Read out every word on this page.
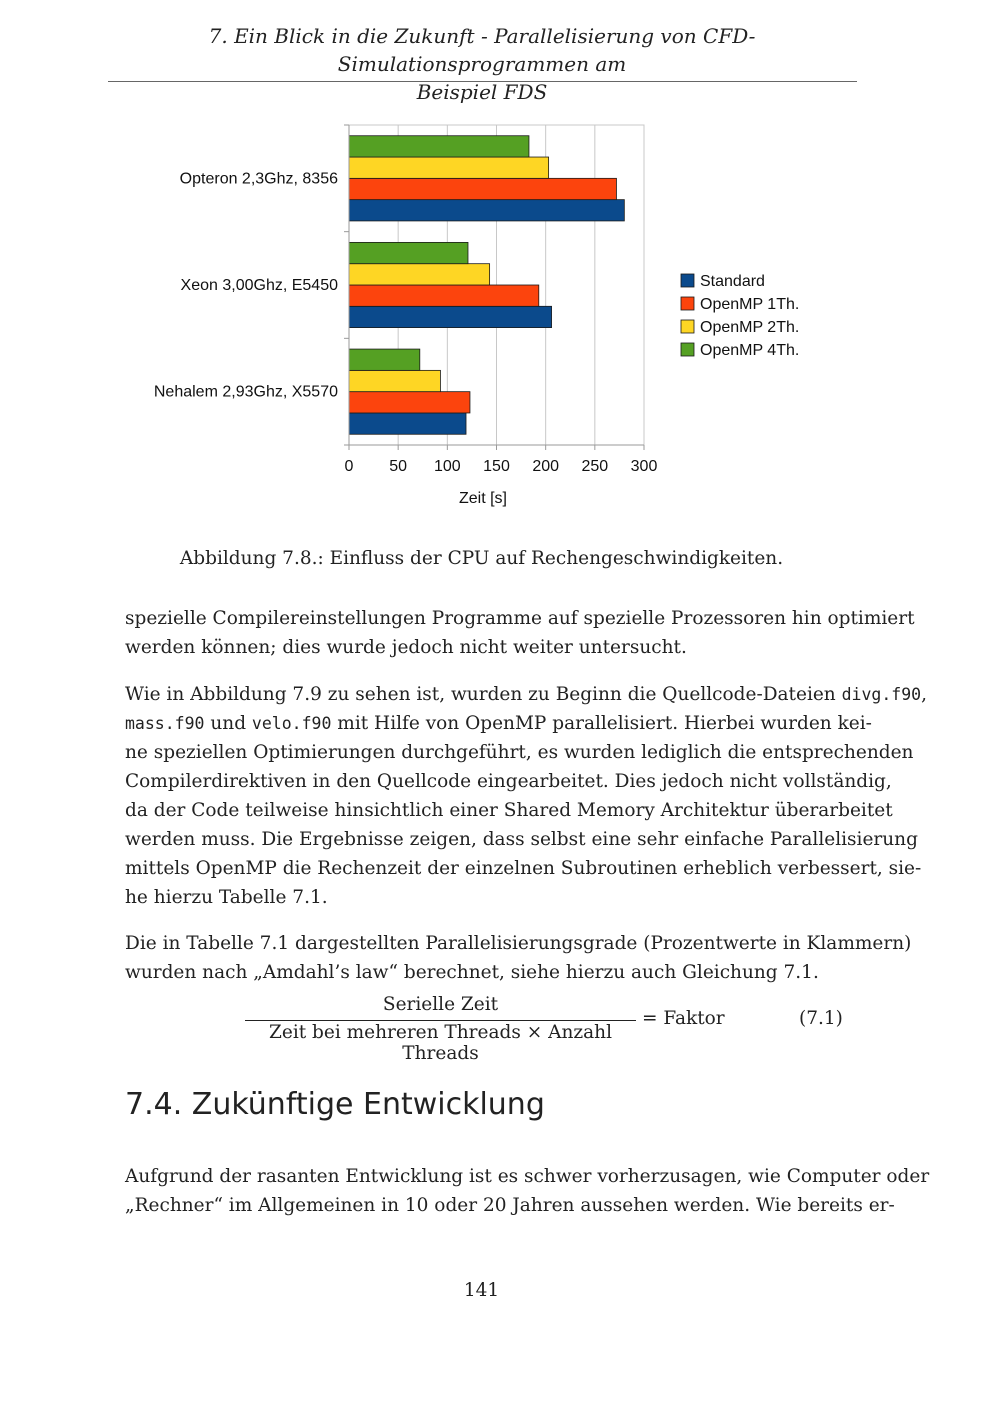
7. Ein Blick in die Zukunft - Parallelisierung von CFD-Simulationsprogrammen am
Beispiel FDS
Opteron 2,3Ghz, 8356
Xeon 3,00Ghz, E5450
Nehalem 2,93Ghz, X5570
0 50 100 150 200 250 300
Zeit [s]
Standard
OpenMP 1Th.
OpenMP 2Th.
OpenMP 4Th.
Abbildung 7.8.: Einfluss der CPU auf Rechengeschwindigkeiten.
spezielle Compilereinstellungen Programme auf spezielle Prozessoren hin optimiert
werden können; dies wurde jedoch nicht weiter untersucht.
Wie in Abbildung 7.9 zu sehen ist, wurden zu Beginn die Quellcode-Dateien divg.f90,
mass.f90 und velo.f90 mit Hilfe von OpenMP parallelisiert. Hierbei wurden kei-
ne speziellen Optimierungen durchgeführt, es wurden lediglich die entsprechenden
Compilerdirektiven in den Quellcode eingearbeitet. Dies jedoch nicht vollständig,
da der Code teilweise hinsichtlich einer Shared Memory Architektur überarbeitet
werden muss. Die Ergebnisse zeigen, dass selbst eine sehr einfache Parallelisierung
mittels OpenMP die Rechenzeit der einzelnen Subroutinen erheblich verbessert, sie-
he hierzu Tabelle 7.1.
Die in Tabelle 7.1 dargestellten Parallelisierungsgrade (Prozentwerte in Klammern)
wurden nach „Amdahl’s law“ berechnet, siehe hierzu auch Gleichung 7.1.
Serielle Zeit
Zeit bei mehreren Threads × Anzahl Threads
= Faktor	(7.1)
7.4. Zukünftige Entwicklung
Aufgrund der rasanten Entwicklung ist es schwer vorherzusagen, wie Computer oder
„Rechner“ im Allgemeinen in 10 oder 20 Jahren aussehen werden. Wie bereits er-
141
